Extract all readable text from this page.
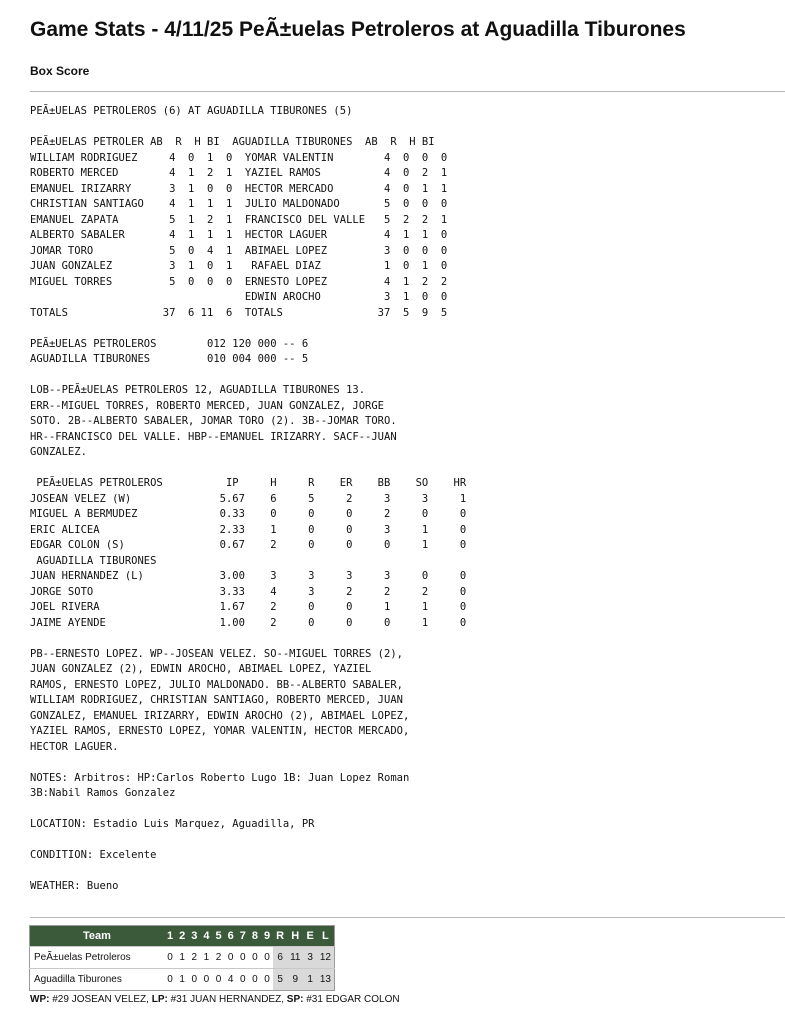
Game Stats - 4/11/25 PeÃ±uelas Petroleros at Aguadilla Tiburones
Box Score
PEÃ±UELAS PETROLEROS (6) AT AGUADILLA TIBURONES (5)

PEÃ±UELAS PETROLER AB  R  H BI  AGUADILLA TIBURONES  AB  R  H BI
WILLIAM RODRIGUEZ     4  0  1  0  YOMAR VALENTIN        4  0  0  0
ROBERTO MERCED        4  1  2  1  YAZIEL RAMOS          4  0  2  1
EMANUEL IRIZARRY      3  1  0  0  HECTOR MERCADO        4  0  1  1
CHRISTIAN SANTIAGO    4  1  1  1  JULIO MALDONADO       5  0  0  0
EMANUEL ZAPATA        5  1  2  1  FRANCISCO DEL VALLE   5  2  2  1
ALBERTO SABALER       4  1  1  1  HECTOR LAGUER         4  1  1  0
JOMAR TORO            5  0  4  1  ABIMAEL LOPEZ         3  0  0  0
JUAN GONZALEZ         3  1  0  1   RAFAEL DIAZ          1  0  1  0
MIGUEL TORRES         5  0  0  0  ERNESTO LOPEZ         4  1  2  2
EDWIN AROCHO          3  1  0  0
TOTALS               37  6 11  6  TOTALS               37  5  9  5

PEÃ±UELAS PETROLEROS        012 120 000 -- 6
AGUADILLA TIBURONES         010 004 000 -- 5

LOB--PEÃ±UELAS PETROLEROS 12, AGUADILLA TIBURONES 13.
ERR--MIGUEL TORRES, ROBERTO MERCED, JUAN GONZALEZ, JORGE
SOTO. 2B--ALBERTO SABALER, JOMAR TORO (2). 3B--JOMAR TORO.
HR--FRANCISCO DEL VALLE. HBP--EMANUEL IRIZARRY. SACF--JUAN
GONZALEZ.

PEÃ±UELAS PETROLEROS          IP     H     R    ER    BB    SO    HR
JOSEAN VELEZ (W)              5.67    6     5     2     3     3     1
MIGUEL A BERMUDEZ             0.33    0     0     0     2     0     0
ERIC ALICEA                   2.33    1     0     0     3     1     0
EDGAR COLON (S)               0.67    2     0     0     0     1     0
AGUADILLA TIBURONES
JUAN HERNANDEZ (L)            3.00    3     3     3     3     0     0
JORGE SOTO                    3.33    4     3     2     2     2     0
JOEL RIVERA                   1.67    2     0     0     1     1     0
JAIME AYENDE                  1.00    2     0     0     0     1     0

PB--ERNESTO LOPEZ. WP--JOSEAN VELEZ. SO--MIGUEL TORRES (2),
JUAN GONZALEZ (2), EDWIN AROCHO, ABIMAEL LOPEZ, YAZIEL
RAMOS, ERNESTO LOPEZ, JULIO MALDONADO. BB--ALBERTO SABALER,
WILLIAM RODRIGUEZ, CHRISTIAN SANTIAGO, ROBERTO MERCED, JUAN
GONZALEZ, EMANUEL IRIZARRY, EDWIN AROCHO (2), ABIMAEL LOPEZ,
YAZIEL RAMOS, ERNESTO LOPEZ, YOMAR VALENTIN, HECTOR MERCADO,
HECTOR LAGUER.

NOTES: Arbitros: HP:Carlos Roberto Lugo 1B: Juan Lopez Roman
3B:Nabil Ramos Gonzalez

LOCATION: Estadio Luis Marquez, Aguadilla, PR

CONDITION: Excelente

WEATHER: Bueno
Team	1	2	3	4	5	6	7	8	9	R	H	E	L
PeÃ±uelas Petroleros	0	1	2	1	2	0	0	0	0	6	11	3	12
Aguadilla Tiburones	0	1	0	0	0	4	0	0	0	5	9	1	13
WP: #29 JOSEAN VELEZ, LP: #31 JUAN HERNANDEZ, SP: #31 EDGAR COLON
